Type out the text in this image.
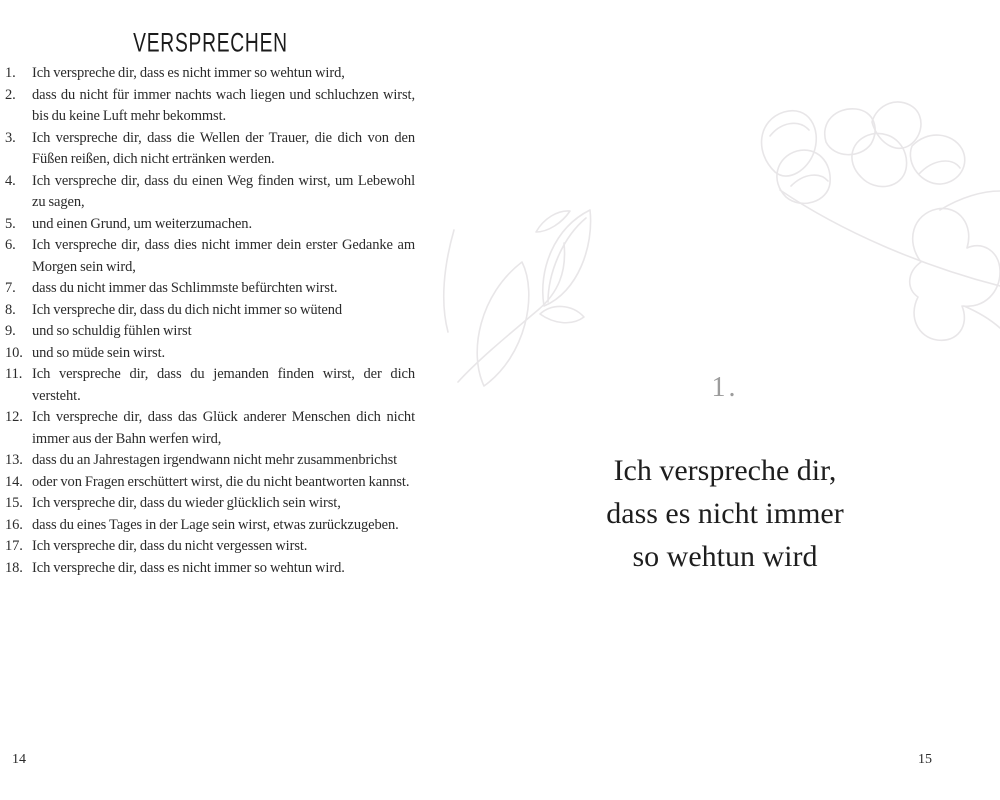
VERSPRECHEN
1.	Ich verspreche dir, dass es nicht immer so wehtun wird,
2.	dass du nicht für immer nachts wach liegen und schluchzen wirst, bis du keine Luft mehr bekommst.
3.	Ich verspreche dir, dass die Wellen der Trauer, die dich von den Füßen reißen, dich nicht ertränken werden.
4.	Ich verspreche dir, dass du einen Weg finden wirst, um Lebewohl zu sagen,
5.	und einen Grund, um weiterzumachen.
6.	Ich verspreche dir, dass dies nicht immer dein erster Gedanke am Morgen sein wird,
7.	dass du nicht immer das Schlimmste befürchten wirst.
8.	Ich verspreche dir, dass du dich nicht immer so wütend
9.	und so schuldig fühlen wirst
10. und so müde sein wirst.
11. Ich verspreche dir, dass du jemanden finden wirst, der dich versteht.
12. Ich verspreche dir, dass das Glück anderer Menschen dich nicht immer aus der Bahn werfen wird,
13. dass du an Jahrestagen irgendwann nicht mehr zusammenbrichst
14. oder von Fragen erschüttert wirst, die du nicht beantworten kannst.
15. Ich verspreche dir, dass du wieder glücklich sein wirst,
16. dass du eines Tages in der Lage sein wirst, etwas zurückzugeben.
17. Ich verspreche dir, dass du nicht vergessen wirst.
18. Ich verspreche dir, dass es nicht immer so wehtun wird.
1.
Ich verspreche dir,
dass es nicht immer
so wehtun wird
14	15
